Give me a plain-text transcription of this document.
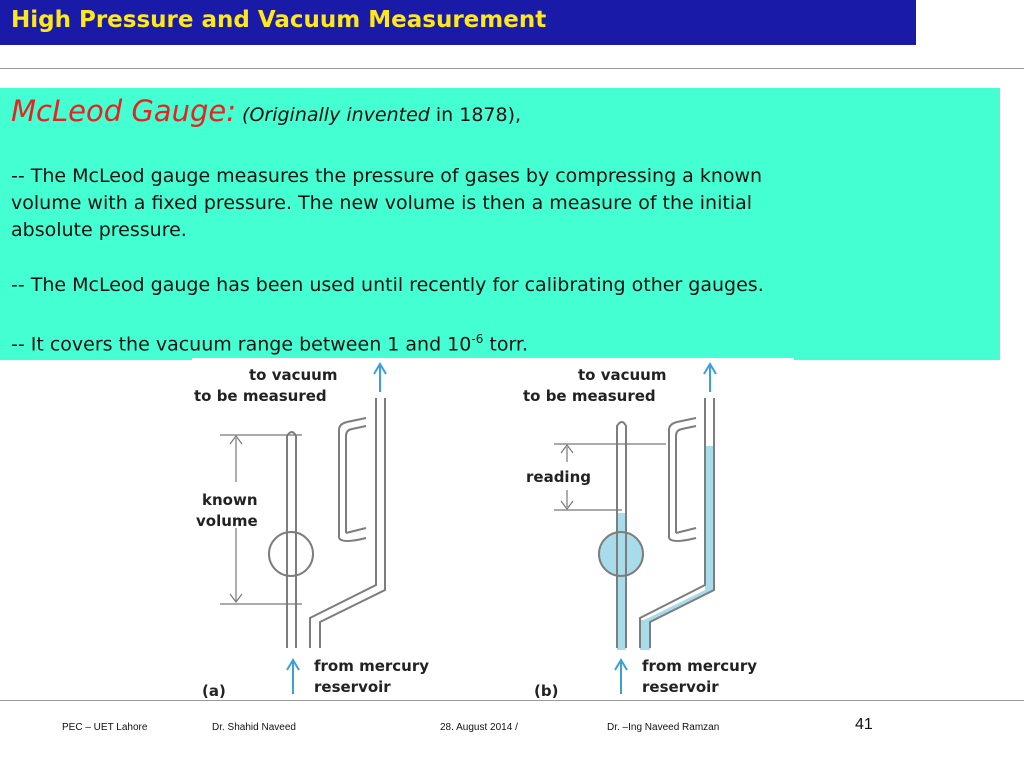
High Pressure and Vacuum Measurement
McLeod Gauge: (Originally invented in 1878),
-- The McLeod gauge measures the pressure of gases by compressing a known
volume with a fixed pressure. The new volume is then a measure of the initial
absolute pressure.
-- The McLeod gauge has been used until recently for calibrating other gauges.
-- It covers the vacuum range between 1 and $10^{-6}$ torr.
to vacuum
to be measured
known
volume
from mercury
reservoir
(a)
to vacuum
to be measured
reading
from mercury
reservoir
(b)
PEC – UET Lahore	Dr. Shahid Naveed	28. August 2014 /	Dr. –Ing Naveed Ramzan	41
